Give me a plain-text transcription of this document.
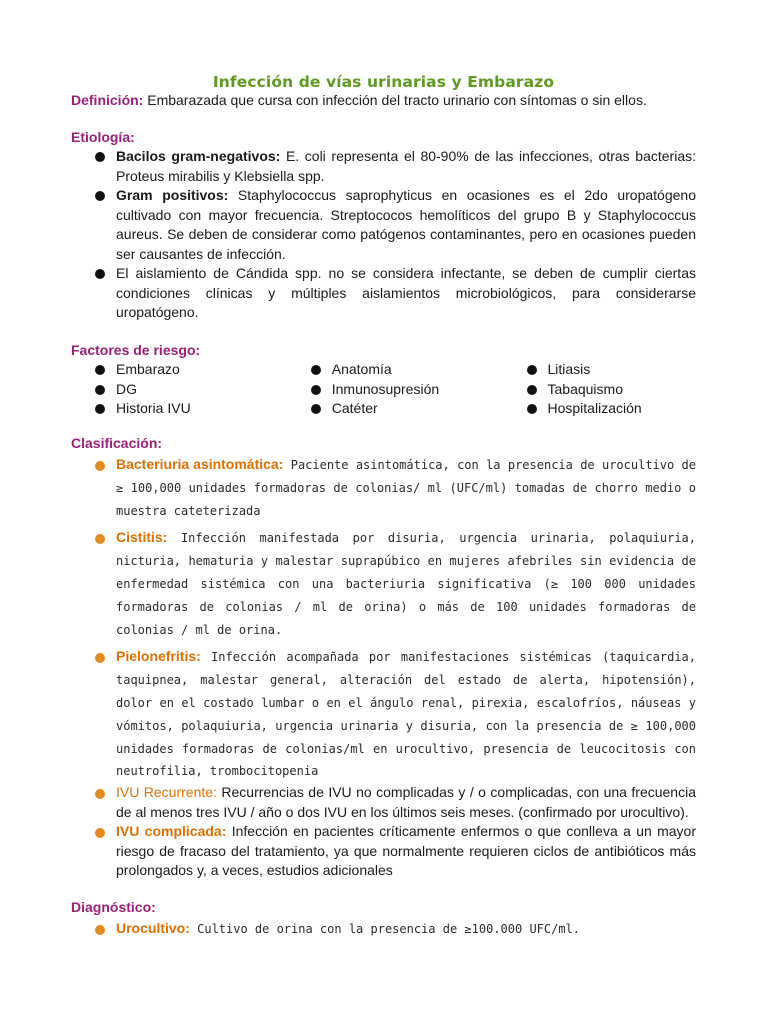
Infección de vías urinarias y Embarazo

Definición: Embarazada que cursa con infección del tracto urinario con síntomas o sin ellos.

Etiología:
Bacilos gram-negativos: E. coli representa el 80-90% de las infecciones, otras bacterias: Proteus mirabilis y Klebsiella spp.
Gram positivos: Staphylococcus saprophyticus en ocasiones es el 2do uropatógeno cultivado con mayor frecuencia. Streptococos hemolíticos del grupo B y Staphylococcus aureus. Se deben de considerar como patógenos contaminantes, pero en ocasiones pueden ser causantes de infección.
El aislamiento de Cándida spp. no se considera infectante, se deben de cumplir ciertas condiciones clínicas y múltiples aislamientos microbiológicos, para considerarse uropatógeno.
Factores de riesgo:
Embarazo
DG
Historia IVU
Anatomía
Inmunosupresión
Catéter
Litiasis
Tabaquismo
Hospitalización
Clasificación:
Bacteriuria asintomática: Paciente asintomática, con la presencia de urocultivo de ≥ 100,000 unidades formadoras de colonias/ ml (UFC/ml) tomadas de chorro medio o muestra cateterizada
Cistitis: Infección manifestada por disuria, urgencia urinaria, polaquiuria, nicturia, hematuria y malestar suprapúbico en mujeres afebriles sin evidencia de enfermedad sistémica con una bacteriuria significativa (≥ 100 000 unidades formadoras de colonias / ml de orina) o más de 100 unidades formadoras de colonias / ml de orina.
Pielonefritis: Infección acompañada por manifestaciones sistémicas (taquicardia, taquipnea, malestar general, alteración del estado de alerta, hipotensión), dolor en el costado lumbar o en el ángulo renal, pirexia, escalofríos, náuseas y vómitos, polaquiuria, urgencia urinaria y disuria, con la presencia de ≥ 100,000 unidades formadoras de colonias/ml en urocultivo, presencia de leucocitosis con neutrofilia, trombocitopenia
IVU Recurrente: Recurrencias de IVU no complicadas y / o complicadas, con una frecuencia de al menos tres IVU / año o dos IVU en los últimos seis meses. (confirmado por urocultivo).
IVU complicada: Infección en pacientes críticamente enfermos o que conlleva a un mayor riesgo de fracaso del tratamiento, ya que normalmente requieren ciclos de antibióticos más prolongados y, a veces, estudios adicionales
Diagnóstico:
Urocultivo: Cultivo de orina con la presencia de ≥100.000 UFC/ml.
